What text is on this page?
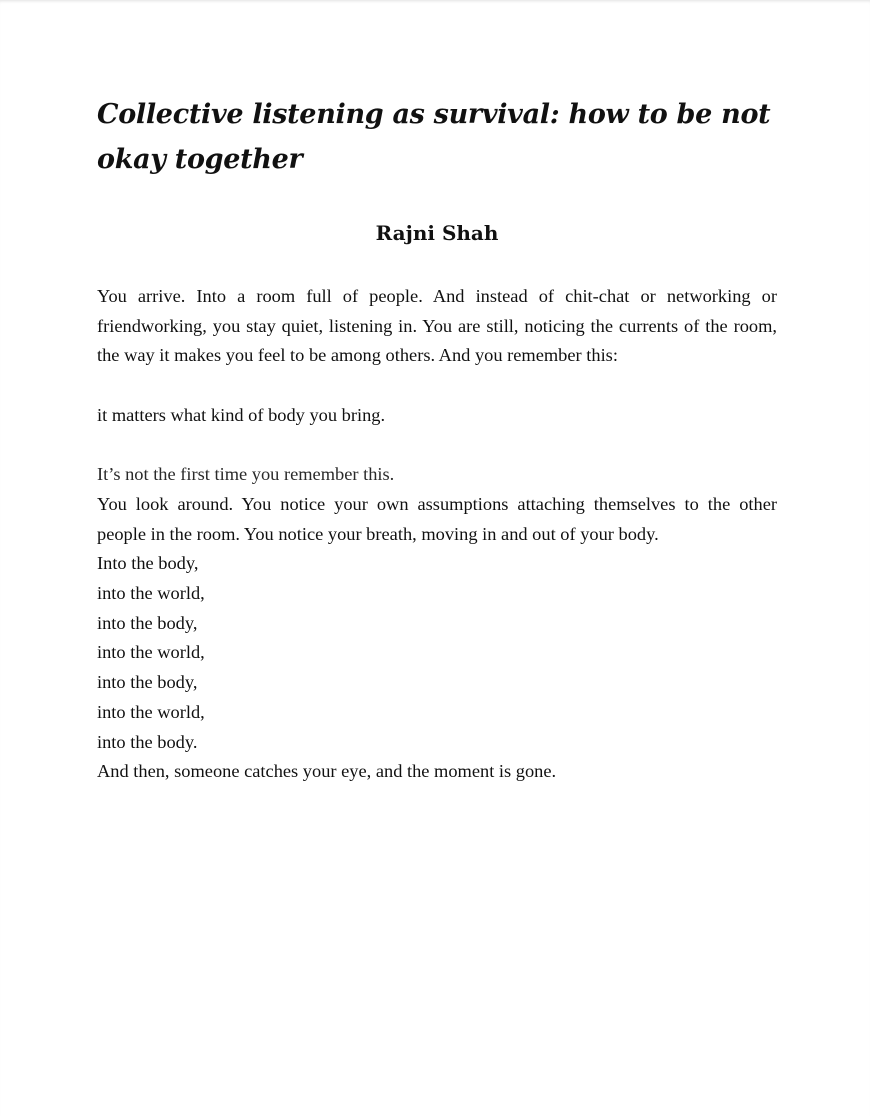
Collective listening as survival: how to be not okay together
Rajni Shah

You arrive. Into a room full of people. And instead of chit-chat or networking or friendworking, you stay quiet, listening in. You are still, noticing the currents of the room, the way it makes you feel to be among others. And you remember this:

it matters what kind of body you bring.

It’s not the first time you remember this.

You look around. You notice your own assumptions attaching themselves to the other people in the room. You notice your breath, moving in and out of your body.

Into the body,

into the world,

into the body,

into the world,

into the body,

into the world,

into the body.

And then, someone catches your eye, and the moment is gone.
